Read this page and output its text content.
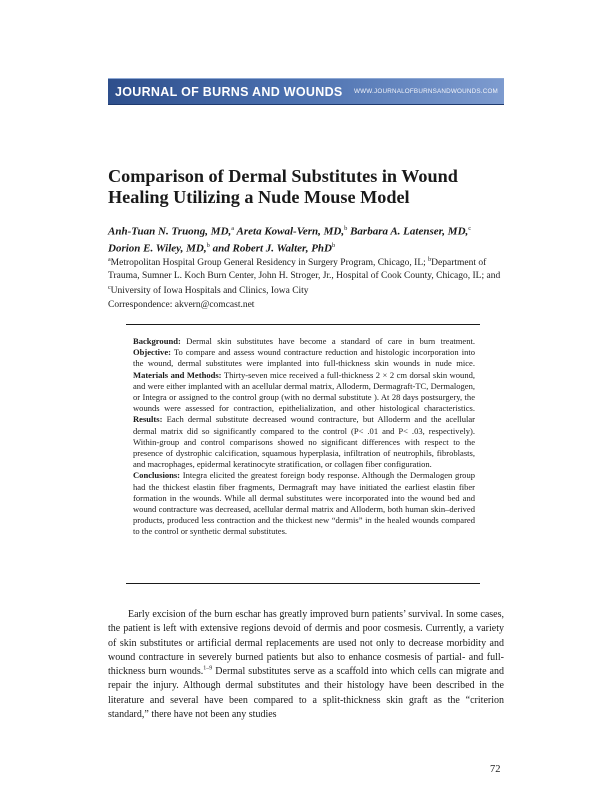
JOURNAL OF BURNS AND WOUNDS WWW.JOURNALOFBURNSANDWOUNDS.COM
Comparison of Dermal Substitutes in Wound Healing Utilizing a Nude Mouse Model
Anh-Tuan N. Truong, MD,$^a$ Areta Kowal-Vern, MD,$^b$ Barbara A. Latenser, MD,$^c$
Dorion E. Wiley, MD,$^b$ and Robert J. Walter, PhD$^b$
$^a$Metropolitan Hospital Group General Residency in Surgery Program, Chicago, IL; $^b$Department of Trauma, Sumner L. Koch Burn Center, John H. Stroger, Jr., Hospital of Cook County, Chicago, IL; and $^c$University of Iowa Hospitals and Clinics, Iowa City
Correspondence: akvern@comcast.net
Background: Dermal skin substitutes have become a standard of care in burn treatment. Objective: To compare and assess wound contracture reduction and histologic incorporation into the wound, dermal substitutes were implanted into full-thickness skin wounds in nude mice. Materials and Methods: Thirty-seven mice received a full-thickness 2 × 2 cm dorsal skin wound, and were either implanted with an acellular dermal matrix, Alloderm, Dermagraft-TC, Dermalogen, or Integra or assigned to the control group (with no dermal substitute ). At 28 days postsurgery, the wounds were assessed for contraction, epithelialization, and other histological characteristics. Results: Each dermal substitute decreased wound contracture, but Alloderm and the acellular dermal matrix did so significantly compared to the control (P< .01 and P< .03, respectively). Within-group and control comparisons showed no significant differences with respect to the presence of dystrophic calcification, squamous hyperplasia, infiltration of neutrophils, fibroblasts, and macrophages, epidermal keratinocyte stratification, or collagen fiber configuration.
Conclusions: Integra elicited the greatest foreign body response. Although the Dermalogen group had the thickest elastin fiber fragments, Dermagraft may have initiated the earliest elastin fiber formation in the wounds. While all dermal substitutes were incorporated into the wound bed and wound contracture was decreased, acellular dermal matrix and Alloderm, both human skin–derived products, produced less contraction and the thickest new “dermis” in the healed wounds compared to the control or synthetic dermal substitutes.

Early excision of the burn eschar has greatly improved burn patients’ survival. In some cases, the patient is left with extensive regions devoid of dermis and poor cosmesis. Currently, a variety of skin substitutes or artificial dermal replacements are used not only to decrease morbidity and wound contracture in severely burned patients but also to enhance cosmesis of partial- and full-thickness burn wounds.$^{1-9}$ Dermal substitutes serve as a scaffold into which cells can migrate and repair the injury. Although dermal substitutes and their histology have been described in the literature and several have been compared to a split-thickness skin graft as the “criterion standard,” there have not been any studies

72
